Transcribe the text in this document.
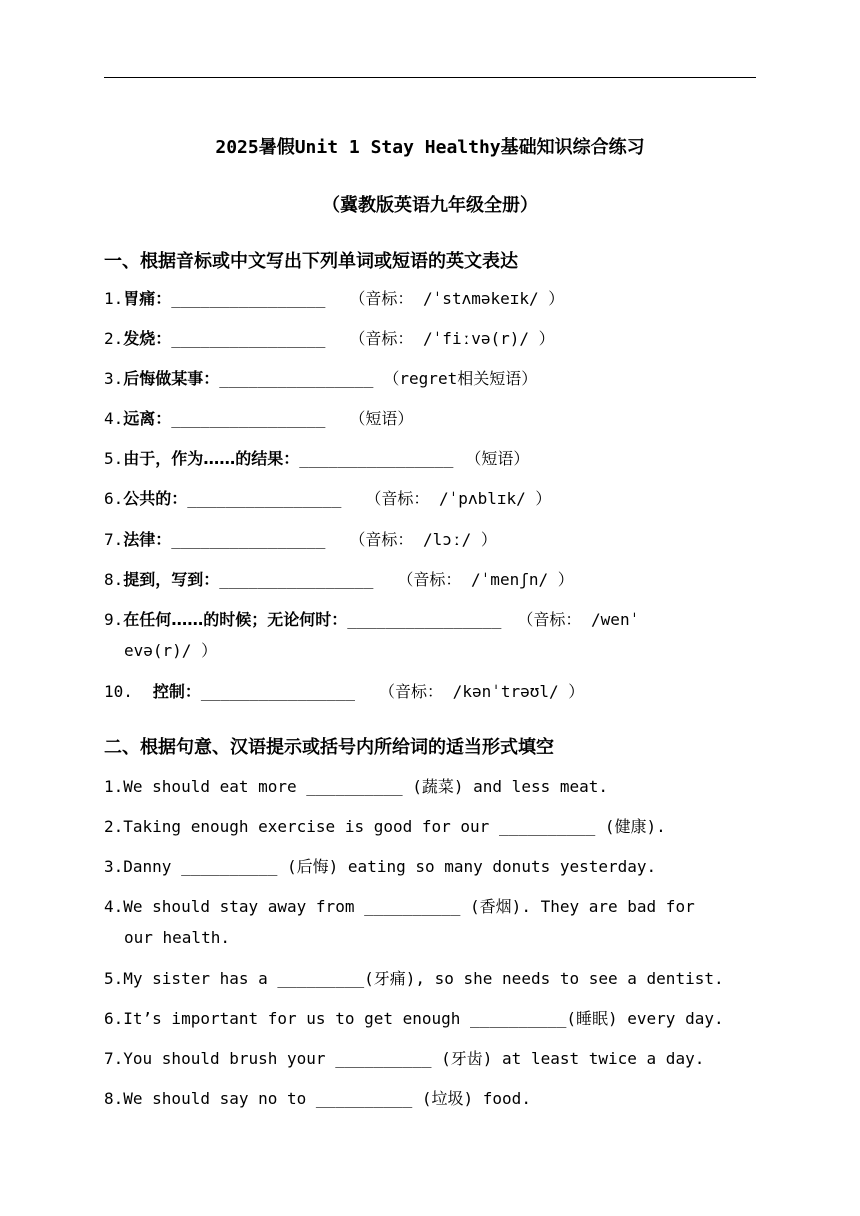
2025暑假Unit 1 Stay Healthy基础知识综合练习
（冀教版英语九年级全册）
一、根据音标或中文写出下列单词或短语的英文表达
1.胃痛：________________ （音标： /ˈstʌməkeɪk/ ）
2.发烧：________________ （音标： /ˈfiːvə(r)/ ）
3.后悔做某事：________________ （regret相关短语）
4.远离：________________ （短语）
5.由于，作为……的结果：________________ （短语）
6.公共的：________________ （音标： /ˈpʌblɪk/ ）
7.法律：________________ （音标： /lɔː/ ）
8.提到，写到：________________ （音标： /ˈmenʃn/ ）
9.在任何……的时候；无论何时：________________ （音标： /wenˈ
evə(r)/ ）
10. 控制：________________ （音标： /kənˈtrəʊl/ ）
二、根据句意、汉语提示或括号内所给词的适当形式填空
1.We should eat more __________ (蔬菜) and less meat.
2.Taking enough exercise is good for our __________ (健康).
3.Danny __________ (后悔) eating so many donuts yesterday.
4.We should stay away from __________ (香烟). They are bad for
our health.
5.My sister has a _________(牙痛), so she needs to see a dentist.
6.It’s important for us to get enough __________(睡眠) every day.
7.You should brush your __________ (牙齿) at least twice a day.
8.We should say no to __________ (垃圾) food.
